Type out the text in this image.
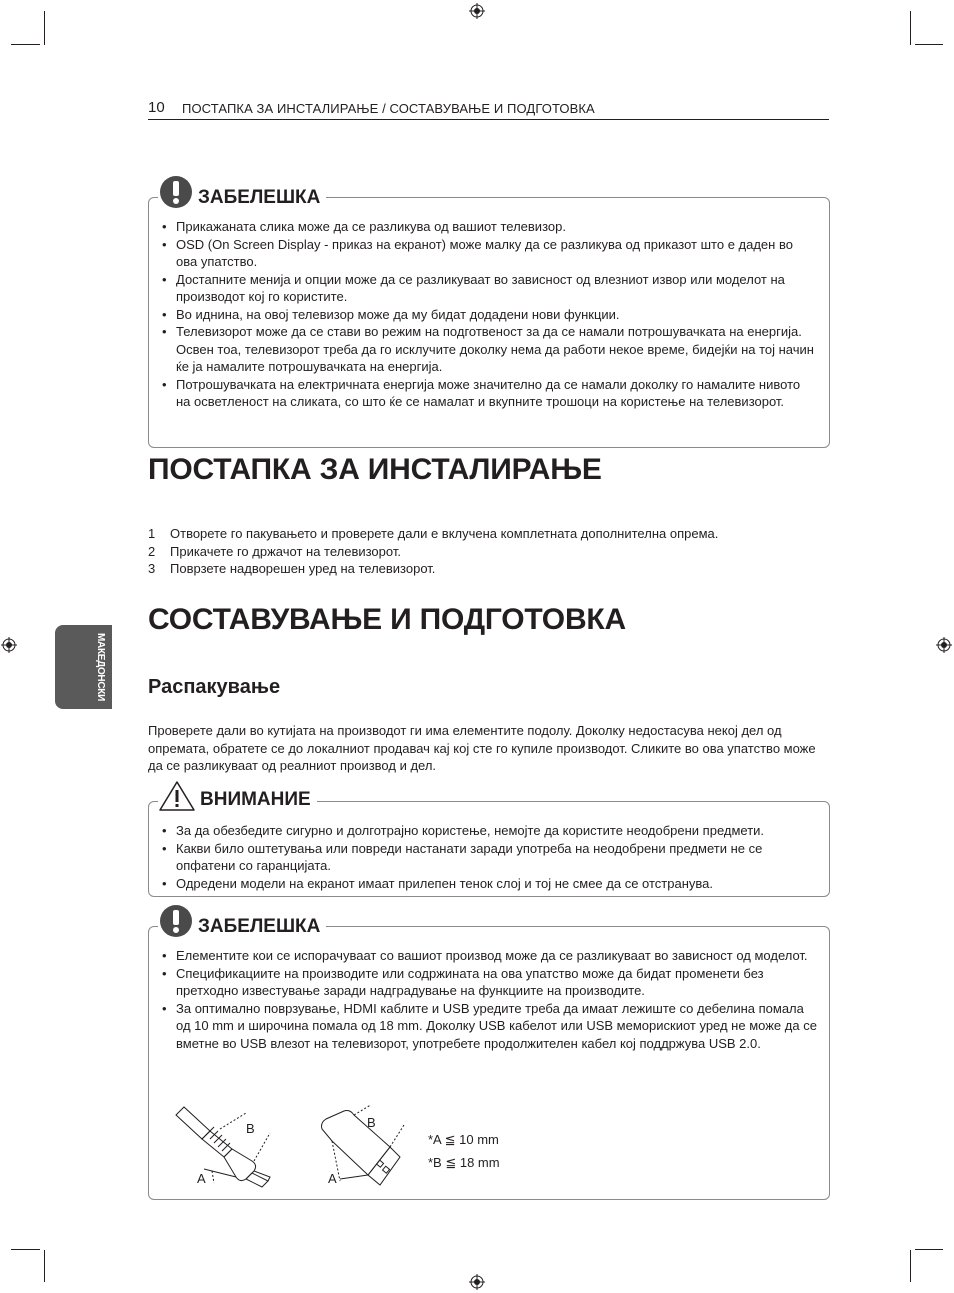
10 ПОСТАПКА ЗА ИНСТАЛИРАЊЕ / СОСТАВУВАЊЕ И ПОДГОТОВКА
ЗАБЕЛЕШКА
• Прикажаната слика може да се разликува од вашиот телевизор.
• OSD (On Screen Display - приказ на екранот) може малку да се разликува од приказот што е даден во ова упатство.
• Достапните менија и опции може да се разликуваат во зависност од влезниот извор или моделот на производот кој го користите.
• Во иднина, на овој телевизор може да му бидат додадени нови функции.
• Телевизорот може да се стави во режим на подготвеност за да се намали потрошувачката на енергија. Освен тоа, телевизорот треба да го исклучите доколку нема да работи некое време, бидејќи на тој начин ќе ја намалите потрошувачката на енергија.
• Потрошувачката на електричната енергија може значително да се намали доколку го намалите нивото на осветленост на сликата, со што ќе се намалат и вкупните трошоци на користење на телевизорот.
ПОСТАПКА ЗА ИНСТАЛИРАЊЕ
1 Отворете го пакувањето и проверете дали е вклучена комплетната дополнителна опрема.
2 Прикачете го држачот на телевизорот.
3 Поврзете надворешен уред на телевизорот.
СОСТАВУВАЊЕ И ПОДГОТОВКА
Распакување
Проверете дали во кутијата на производот ги има елементите подолу. Доколку недостасува некој дел од опремата, обратете се до локалниот продавач кај кој сте го купиле производот. Сликите во ова упатство може да се разликуваат од реалниот производ и дел.
МАКЕДОНСКИ
ВНИМАНИЕ
• За да обезбедите сигурно и долготрајно користење, немојте да користите неодобрени предмети.
• Какви било оштетувања или повреди настанати заради употреба на неодобрени предмети не се опфатени со гаранцијата.
• Одредени модели на екранот имаат прилепен тенок слој и тој не смее да се отстранува.
ЗАБЕЛЕШКА
• Елементите кои се испорачуваат со вашиот производ може да се разликуваат во зависност од моделот.
• Спецификациите на производите или содржината на ова упатство може да бидат променети без претходно известување заради надградување на функциите на производите.
• За оптимално поврзување, HDMI каблите и USB уредите треба да имаат лежиште со дебелина помала од 10 mm и широчина помала од 18 mm. Доколку USB кабелот или USB меморискиот уред не може да се вметне во USB влезот на телевизорот, употребете продолжителен кабел кој поддржува USB 2.0.
B
A
B
A
*A ≦ 10 mm
*B ≦ 18 mm
